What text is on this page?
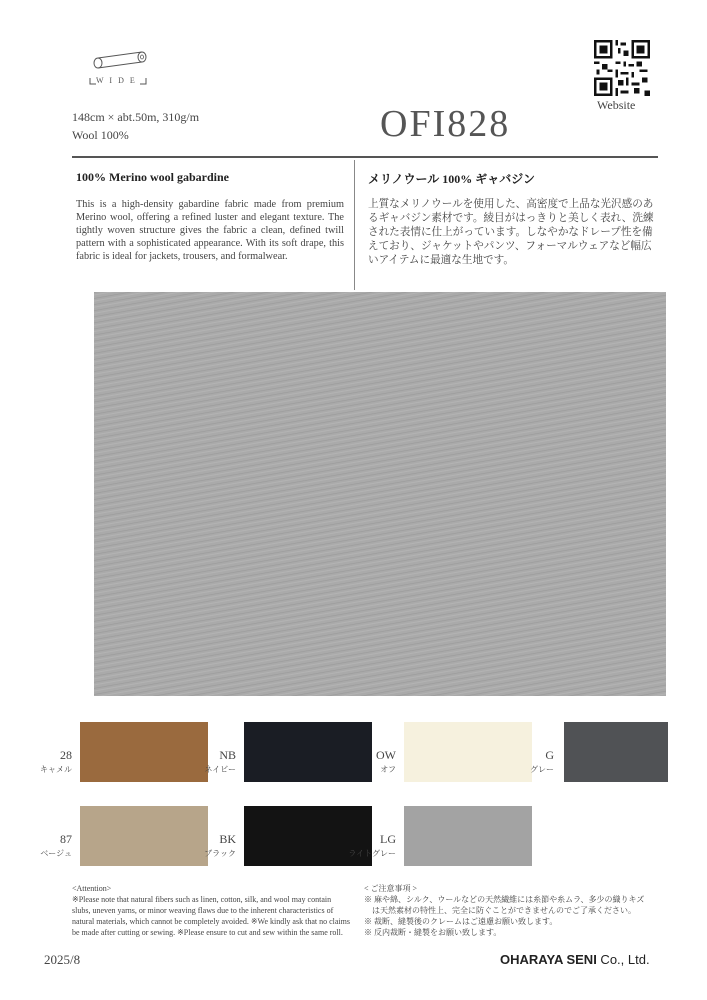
W I D E
148cm × abt.50m, 310g/m
Wool 100%	OFI828	Website
100% Merino wool gabardine
This is a high-density gabardine fabric made from premium Merino wool, offering a refined luster and elegant texture. The tightly woven structure gives the fabric a clean, defined twill pattern with a sophisticated appearance. With its soft drape, this fabric is ideal for jackets, trousers, and formalwear.
メリノウール 100% ギャバジン
上質なメリノウールを使用した、高密度で上品な光沢感のあるギャバジン素材です。綾目がはっきりと美しく表れ、洗練された表情に仕上がっています。しなやかなドレープ性を備えており、ジャケットやパンツ、フォーマルウェアなど幅広いアイテムに最適な生地です。
28
キャメル
NB
ネイビー
OW
オフ
G
グレー
87
ベージュ
BK
ブラック
LG
ライトグレー
<Attention>
※Please note that natural fibers such as linen, cotton, silk, and wool may contain slubs, uneven yarns, or minor weaving flaws due to the inherent characteristics of natural materials, which cannot be completely avoided. ※We kindly ask that no claims be made after cutting or sewing. ※Please ensure to cut and sew within the same roll.
< ご注意事項 >
※ 麻や綿、シルク、ウールなどの天然繊維には糸節や糸ムラ、多少の織りキズ
　は天然素材の特性上、完全に防ぐことができませんのでご了承ください。
※ 裁断、縫製後のクレームはご遠慮お願い致します。
※ 反内裁断・縫製をお願い致します。
2025/8	OHARAYA SENI Co., Ltd.
